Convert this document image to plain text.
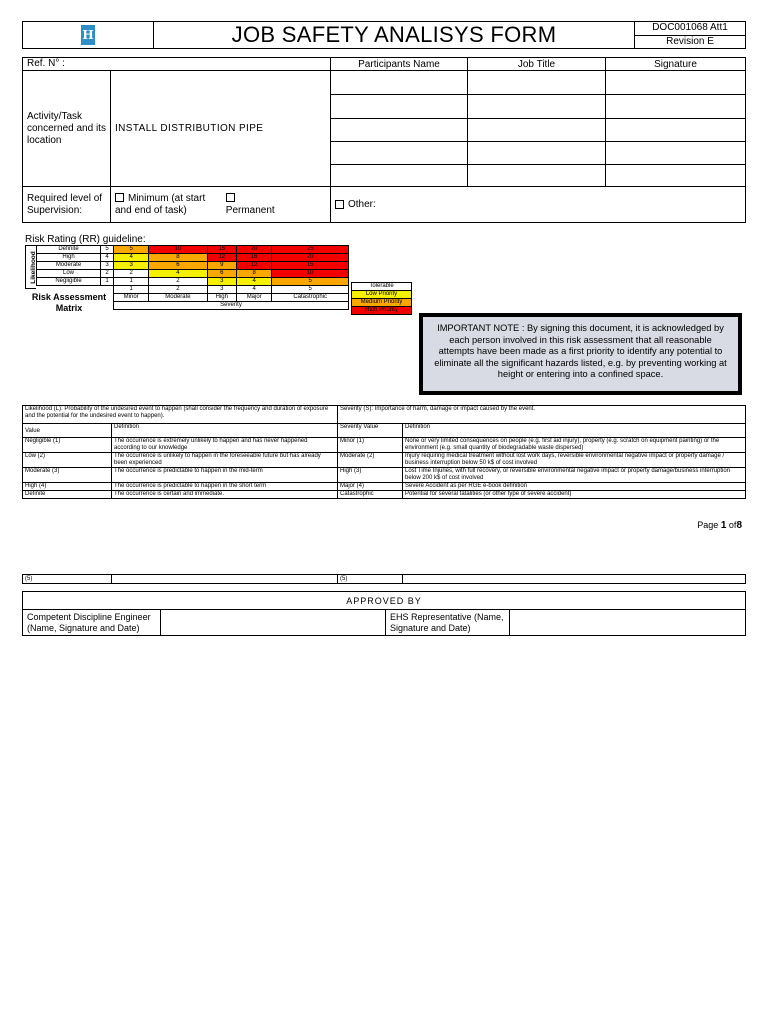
H	JOB SAFETY ANALISYS FORM	DOC001068 Att1
Revision E
Ref. N° :		Participants Name	Job Title	Signature
Activity/Task concerned and its location	INSTALL DISTRIBUTION PIPE			

Required level of Supervision:	Minimum (at start and end of task) Permanent	Other:		
Risk Rating (RR) guideline:
Likelihood
Definite	5	5	10	15	20	25
High	4	4	8	12	16	20
Moderate	3	3	6	9	12	15
Low	2	2	4	6	8	10
Negligible	1	1	2	3	4	5
		1	2	3	4	5
		Minor	Moderate	High	Major	Catastrophic
		Severity				
Risk Assessment Matrix
Tolerable
Low Priority
Medium Priority
High Priority
IMPORTANT NOTE : By signing this document, it is acknowledged by each person involved in this risk assessment that all reasonable attempts have been made as a first priority to identify any potential to eliminate all the significant hazards listed, e.g. by preventing working at height or entering into a confined space.
Likelihood (L): Probability of the undesired event to happen (shall consider the frequency and duration of exposure and the potential for the undesired event to happen).		Severity (S): Importance of harm, damage or impact caused by the event.	
Value	Definition	Severity Value	Definition
Negligible (1)	The occurrence is extremely unlikely to happen and has never happened according to our knowledge	Minor (1)	None or very limited consequences on people (e.g. first aid injury), property (e.g. scratch on equipment painting) or the environment (e.g. small quantity of biodegradable waste dispersed)
Low (2)	The occurrence is unlikely to happen in the foreseeable future but has already been experienced	Moderate (2)	Injury requiring medical treatment without lost work days, reversible environmental negative impact or property damage / business interruption below 50 k$ of cost involved
Moderate (3)	The occurrence is predictable to happen in the mid-term	High (3)	Lost Time Injuries, with full recovery, or reversible environmental negative impact or property damage/business interruption below 200 k$ of cost involved
High (4)	The occurrence is predictable to happen in the short term	Major (4)	Severe Accident as per RGE e-book definition
Definite	The occurrence is certain and immediate.	Catastrophic	Potential for several fatalities (or other type of severe accident)
Page 1 of8
(5)		(5)	
APPROVED BY
Competent Discipline Engineer (Name, Signature and Date)		EHS Representative (Name, Signature and Date)	
